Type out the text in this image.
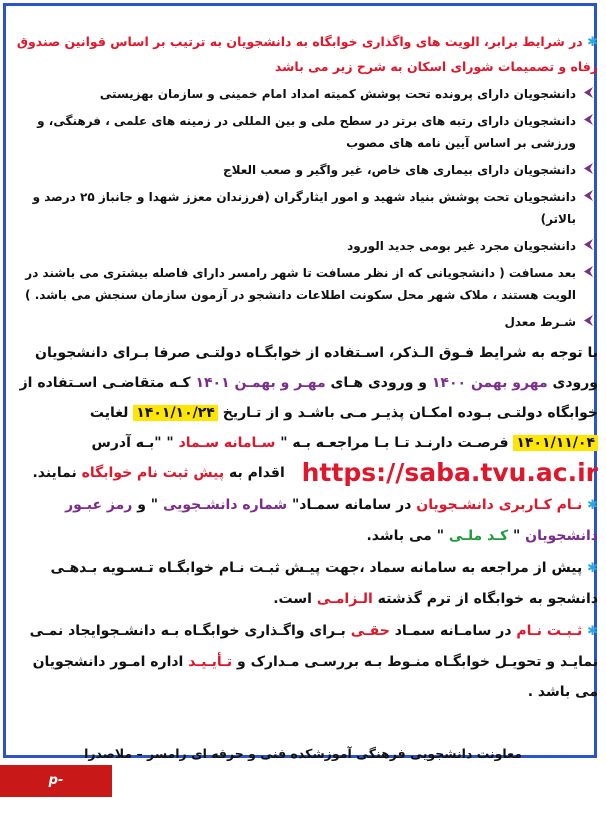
✱ در شرایط برابر، الویت های واگذاری خوابگاه به دانشجویان به ترتیب بر اساس قوانین صندوق رفاه و تصمیمات شورای اسکان به شرح زیر می باشد
دانشجویان دارای پرونده تحت پوشش کمیته امداد امام خمینی و سازمان بهزیستی
دانشجویان دارای رتبه های برتر در سطح ملی و بین المللی در زمینه های علمی ، فرهنگی، و ورزشی بر اساس آیین نامه های مصوب
دانشجویان دارای بیماری های خاص، غیر واگیر و صعب العلاج
دانشجویان تحت پوشش بنیاد شهید و امور ایثارگران (فرزندان معزز شهدا و جانباز ۲۵ درصد و بالاتر)
دانشجویان مجرد غیر بومی جدید الورود
بعد مسافت ( دانشجویانی که از نظر مسافت تا شهر رامسر دارای فاصله بیشتری می باشند در الویت هستند ، ملاک شهر محل سکونت اطلاعات دانشجو در آزمون سازمان سنجش می باشد. )
شـرط معدل
با توجه به شرایط فـوق الـذکر، اسـتفاده از خوابگـاه دولتـی صرفا بـرای دانشجویان ورودی مهرو بهمن ۱۴۰۰ و ورودی هـای مهـر و بهمـن ۱۴۰۱ کـه متقاضـی اسـتفاده از خوابگاه دولتـی بـوده امکـان پذیـر مـی باشـد و از تـاریخ ۱۴۰۱/۱۰/۲۴ لغایت ۱۴۰۱/۱۱/۰۴ فرصـت دارنـد تـا بـا مراجعـه بـه " سـامانه سـماد " "بـه آدرس
https://saba.tvu.ac.ir اقدام به پیش ثبت نام خوابگاه نمایند.
✱ نـام کـاربری دانشـجویان در سامانه سمـاد" شماره دانشـجویی " و رمز عبـور دانشجویان " کـد ملـی " می باشد.
✱ پیش از مراجعه به سامانه سماد ،جهت پیـش ثبـت نـام خوابگـاه تـسـویه بـدهـی دانشجو به خوابگاه از ترم گذشته الـزامـی است.
✱ ثـبـت نـام در سامـانه سمـاد حقـی بـرای واگـذاری خوابگـاه بـه دانشـجوایجاد نمـی نمایـد و تحویـل خوابگـاه منـوط بـه بررسـی مـدارک و تـأیـیـد اداره امـور دانشجویان می باشد .
معاونت دانشجویی فرهنگی آموزشکده فنی و حرفه ای رامسر – ملاصدرا
p-ramsar.tvu.ac.ir
